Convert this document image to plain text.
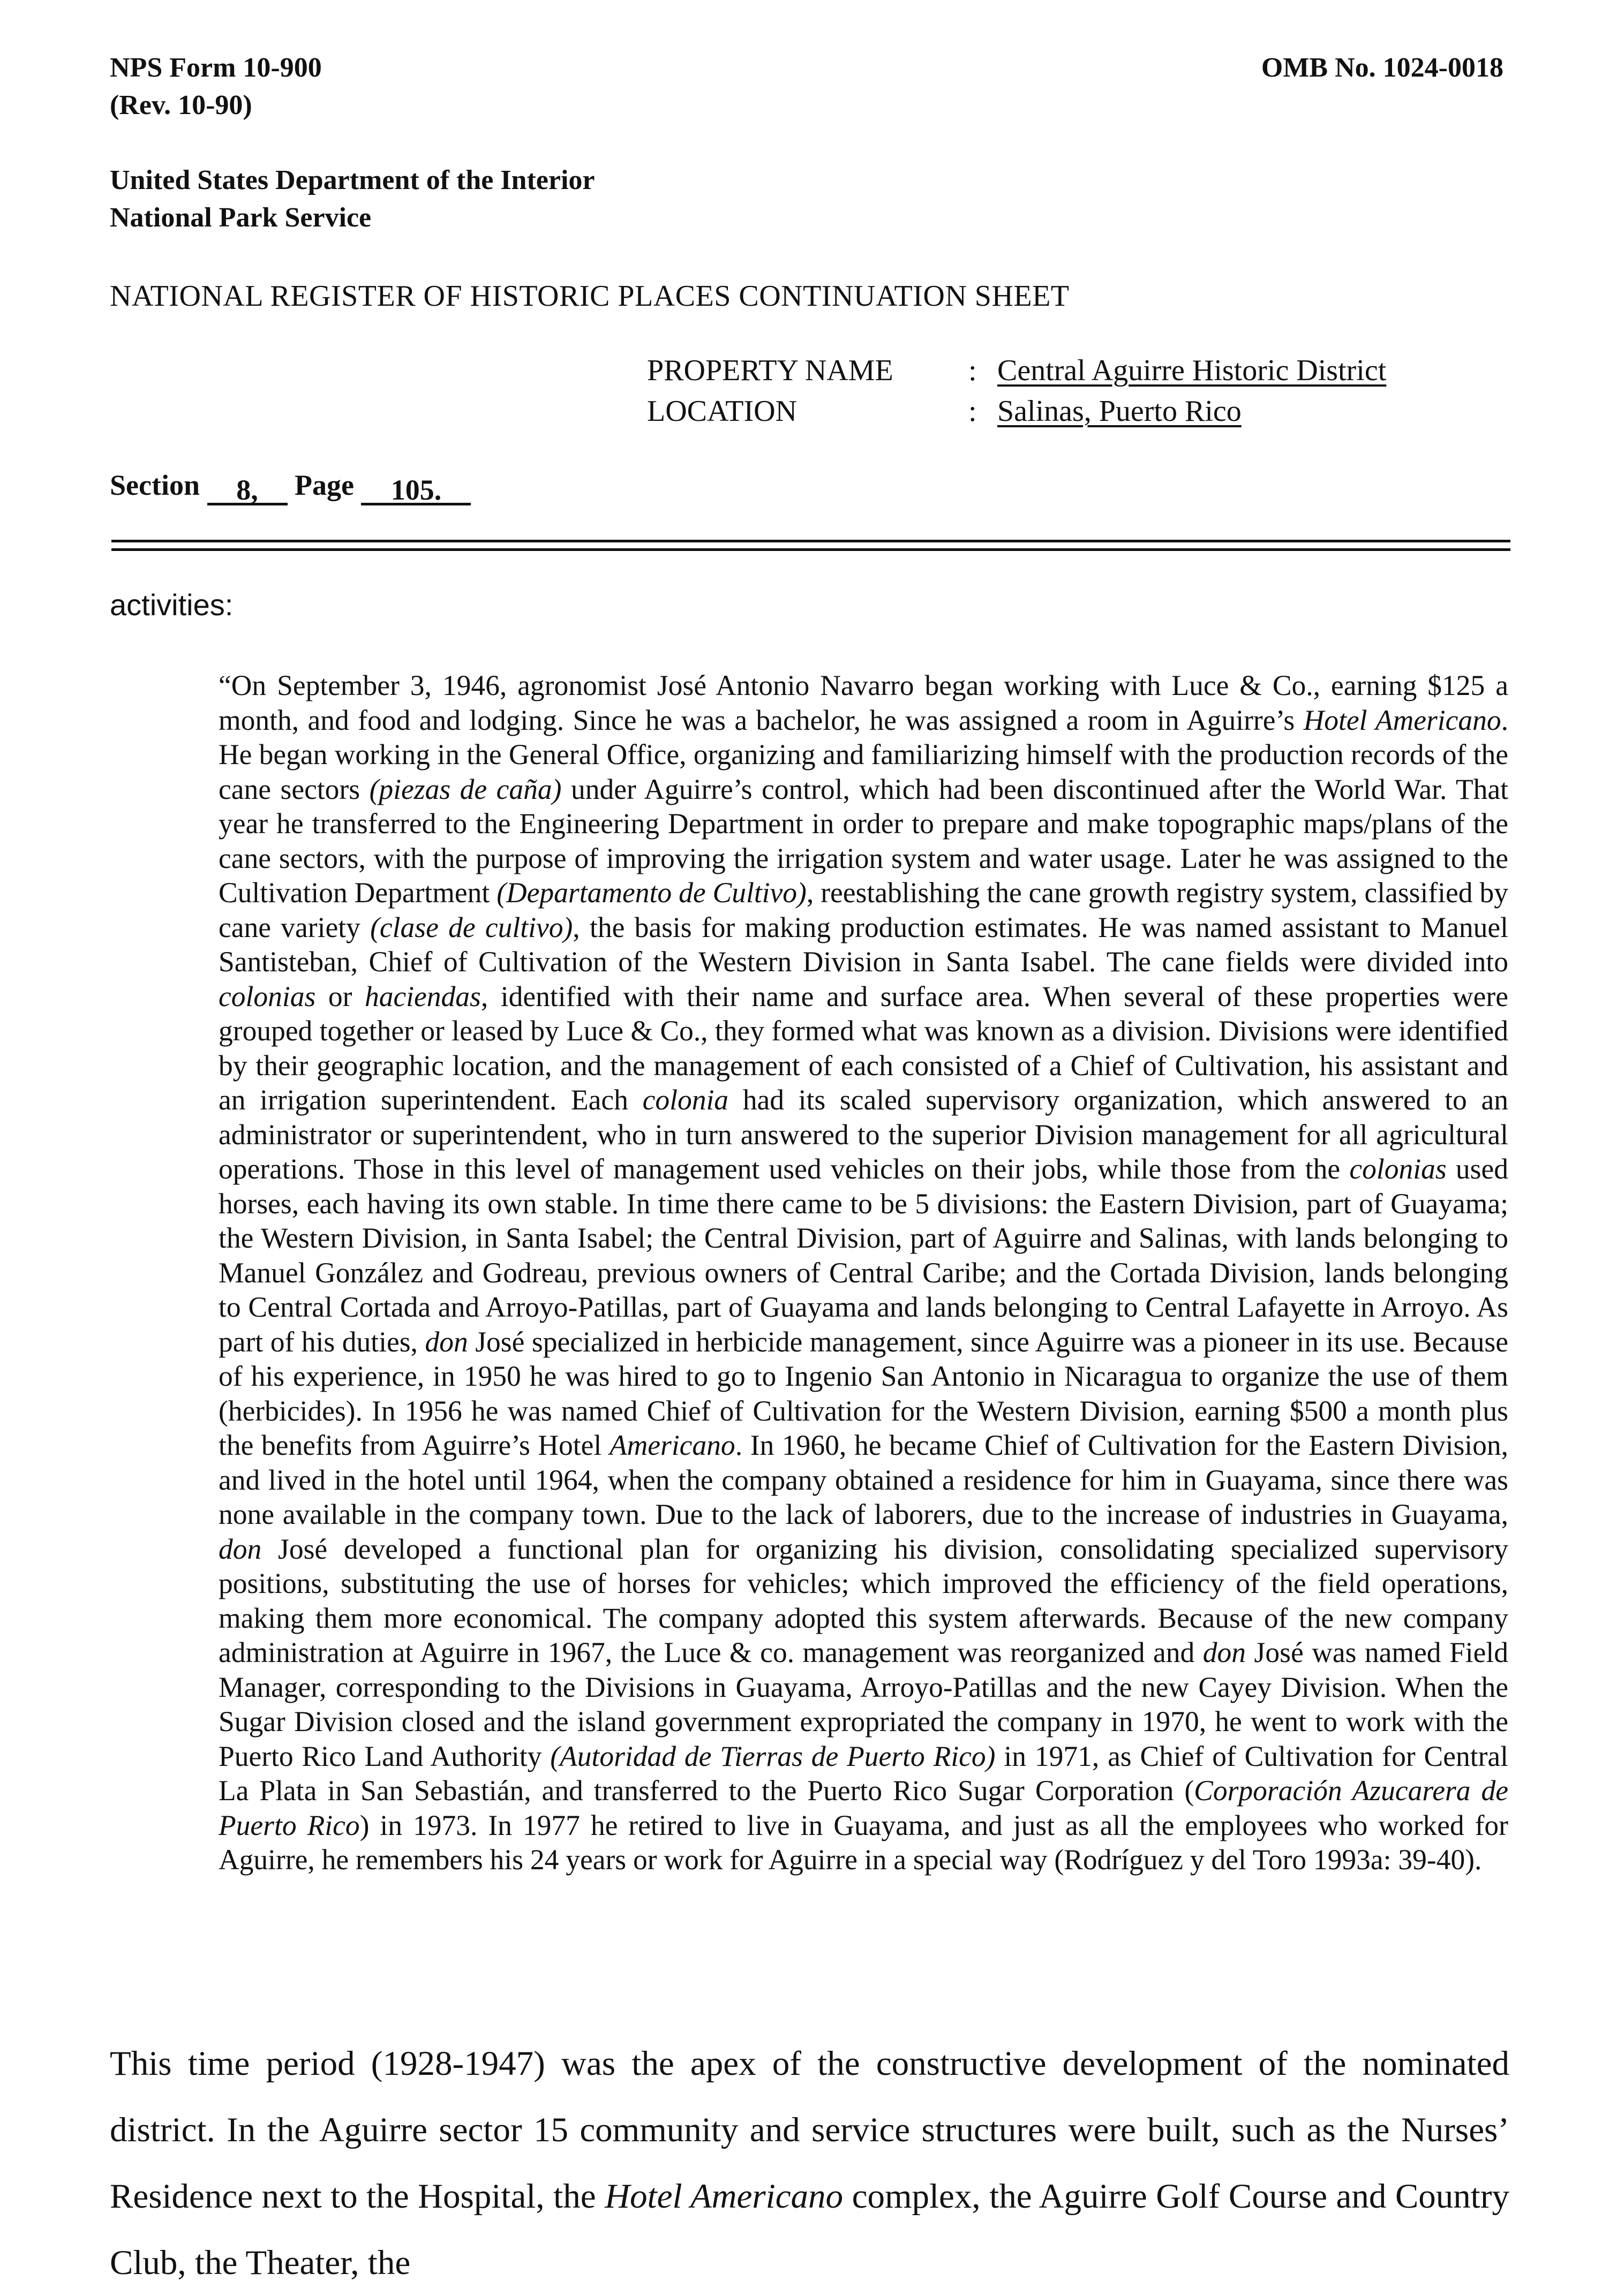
NPS Form 10-900
(Rev. 10-90)
OMB No. 1024-0018
United States Department of the Interior
National Park Service
NATIONAL REGISTER OF HISTORIC PLACES CONTINUATION SHEET
PROPERTY NAME
LOCATION
:
:
Central Aguirre Historic District
Salinas, Puerto Rico
Section 8, Page 105.
activities:

“On September 3, 1946, agronomist José Antonio Navarro began working with Luce & Co., earning $125 a month, and food and lodging. Since he was a bachelor, he was assigned a room in Aguirre’s Hotel Americano. He began working in the General Office, organizing and familiarizing himself with the production records of the cane sectors (piezas de caña) under Aguirre’s control, which had been discontinued after the World War. That year he transferred to the Engineering Department in order to prepare and make topographic maps/plans of the cane sectors, with the purpose of improving the irrigation system and water usage. Later he was assigned to the Cultivation Department (Departamento de Cultivo), reestablishing the cane growth registry system, classified by cane variety (clase de cultivo), the basis for making production estimates. He was named assistant to Manuel Santisteban, Chief of Cultivation of the Western Division in Santa Isabel. The cane fields were divided into colonias or haciendas, identified with their name and surface area. When several of these properties were grouped together or leased by Luce & Co., they formed what was known as a division. Divisions were identified by their geographic location, and the management of each consisted of a Chief of Cultivation, his assistant and an irrigation superintendent. Each colonia had its scaled supervisory organization, which answered to an administrator or superintendent, who in turn answered to the superior Division management for all agricultural operations. Those in this level of management used vehicles on their jobs, while those from the colonias used horses, each having its own stable. In time there came to be 5 divisions: the Eastern Division, part of Guayama; the Western Division, in Santa Isabel; the Central Division, part of Aguirre and Salinas, with lands belonging to Manuel González and Godreau, previous owners of Central Caribe; and the Cortada Division, lands belonging to Central Cortada and Arroyo-Patillas, part of Guayama and lands belonging to Central Lafayette in Arroyo. As part of his duties, don José specialized in herbicide management, since Aguirre was a pioneer in its use. Because of his experience, in 1950 he was hired to go to Ingenio San Antonio in Nicaragua to organize the use of them (herbicides). In 1956 he was named Chief of Cultivation for the Western Division, earning $500 a month plus the benefits from Aguirre’s Hotel Americano. In 1960, he became Chief of Cultivation for the Eastern Division, and lived in the hotel until 1964, when the company obtained a residence for him in Guayama, since there was none available in the company town. Due to the lack of laborers, due to the increase of industries in Guayama, don José developed a functional plan for organizing his division, consolidating specialized supervisory positions, substituting the use of horses for vehicles; which improved the efficiency of the field operations, making them more economical. The company adopted this system afterwards. Because of the new company administration at Aguirre in 1967, the Luce & co. management was reorganized and don José was named Field Manager, corresponding to the Divisions in Guayama, Arroyo-Patillas and the new Cayey Division. When the Sugar Division closed and the island government expropriated the company in 1970, he went to work with the Puerto Rico Land Authority (Autoridad de Tierras de Puerto Rico) in 1971, as Chief of Cultivation for Central La Plata in San Sebastián, and transferred to the Puerto Rico Sugar Corporation (Corporación Azucarera de Puerto Rico) in 1973. In 1977 he retired to live in Guayama, and just as all the employees who worked for Aguirre, he remembers his 24 years or work for Aguirre in a special way (Rodríguez y del Toro 1993a: 39-40).

This time period (1928-1947) was the apex of the constructive development of the nominated district. In the Aguirre sector 15 community and service structures were built, such as the Nurses’ Residence next to the Hospital, the Hotel Americano complex, the Aguirre Golf Course and Country Club, the Theater, the
